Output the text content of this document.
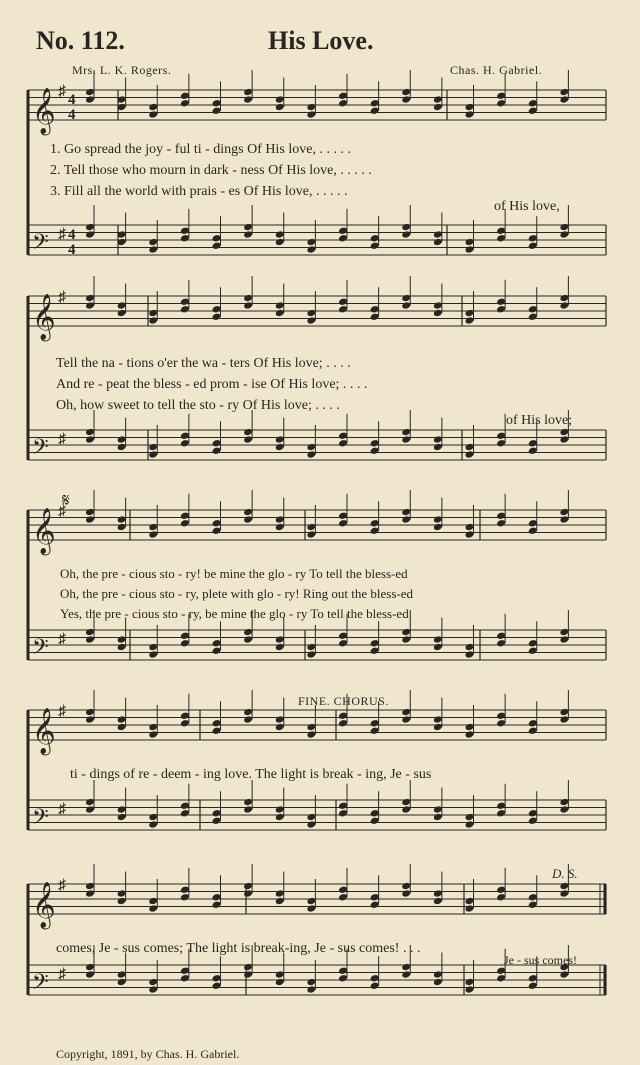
𝄞 ♯ 4
4
𝄢 ♯ 4
4
𝄞 ♯
𝄢 ♯
𝄞 ♯
𝄢 ♯
𝄞 ♯
𝄢 ♯
𝄞 ♯
𝄢 ♯
No. 112.	His Love.
Mrs. L. K. Rogers.	Chas. H. Gabriel.
1. Go spread the joy - ful ti - dings Of His love, . . . . .
2. Tell those who mourn in dark - ness Of His love, . . . . .
3. Fill all the world with prais - es Of His love, . . . . .
of His love,
Tell the na - tions o'er the wa - ters Of His love; . . . .
And re - peat the bless - ed prom - ise Of His love; . . . .
Oh, how sweet to tell the sto - ry Of His love; . . . .
of His love;
𝄋
Oh, the pre - cious sto - ry! be mine the glo - ry To tell the bless-ed
Oh, the pre - cious sto - ry, plete with glo - ry! Ring out the bless-ed
Yes, the pre - cious sto - ry, be mine the glo - ry To tell the bless-ed
FINE. CHORUS.
ti - dings of re - deem - ing love. The light is break - ing, Je - sus
D. S.
comes, Je - sus comes; The light is break-ing, Je - sus comes! . . .
Je - sus comes!
Copyright, 1891, by Chas. H. Gabriel.
